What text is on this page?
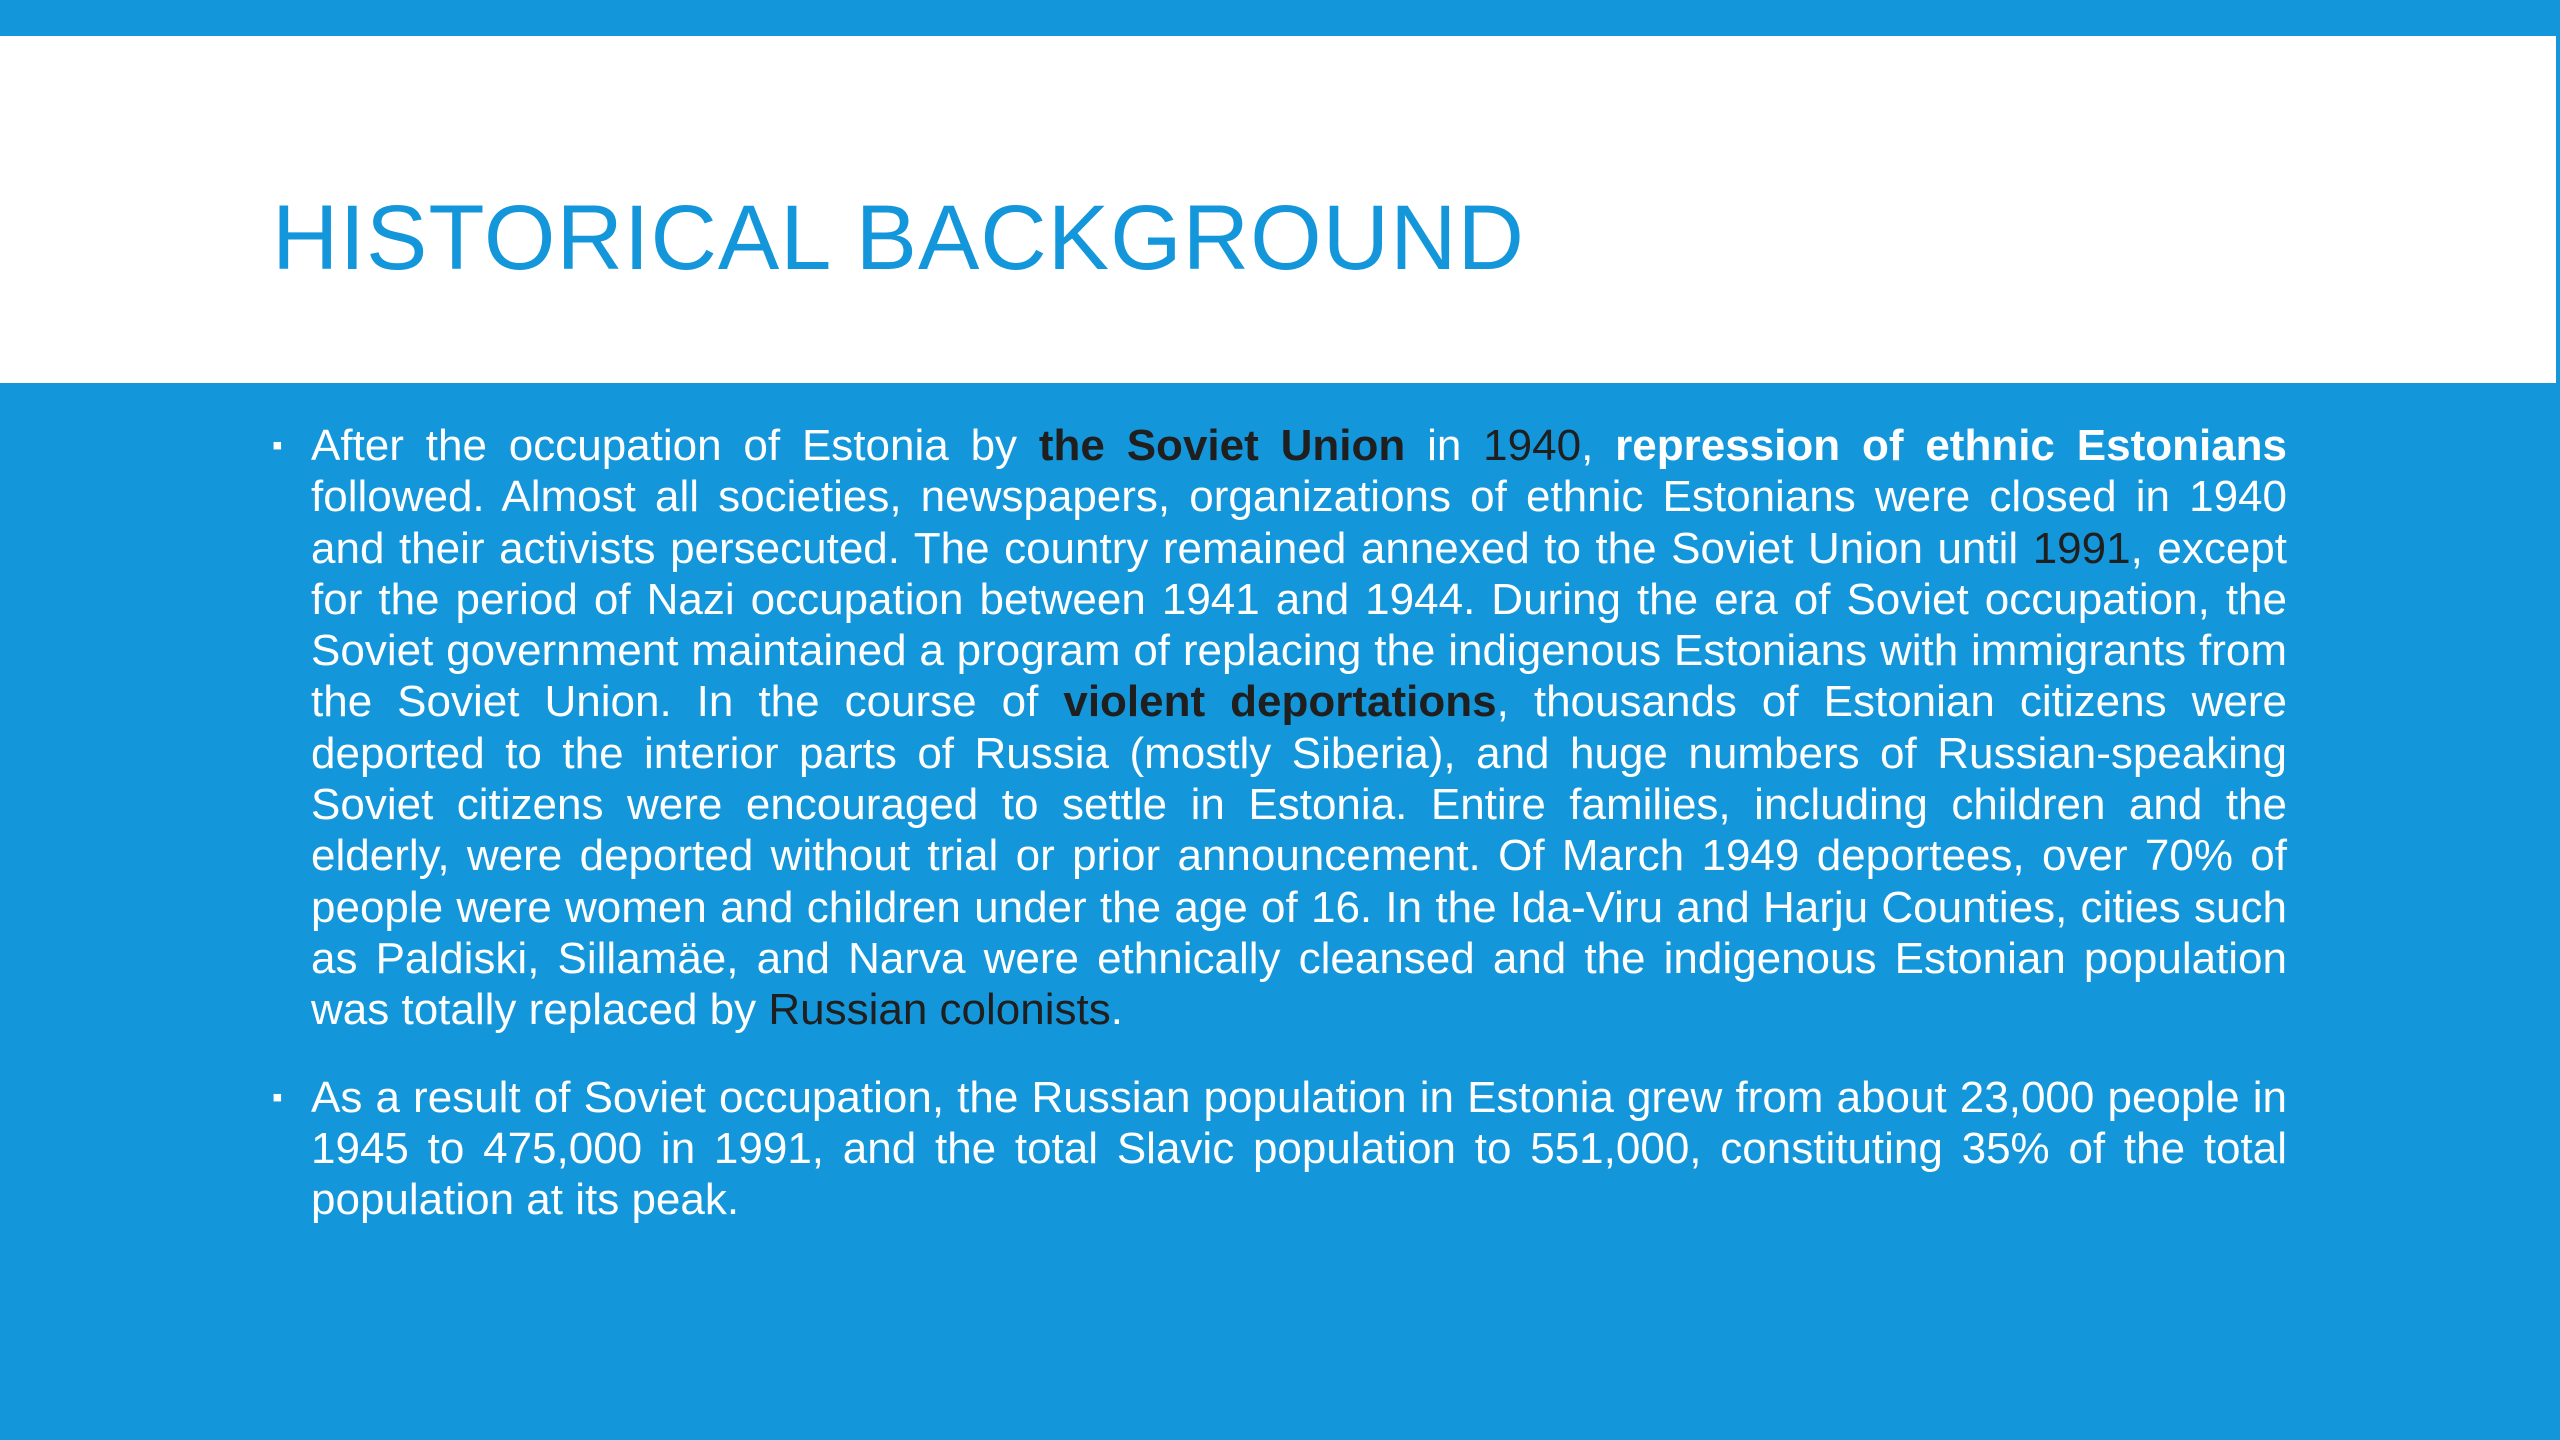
HISTORICAL BACKGROUND
▪ After the occupation of Estonia by the Soviet Union in 1940, repression of ethnic Estonians followed. Almost all societies, newspapers, organizations of ethnic Estonians were closed in 1940 and their activists persecuted. The country remained annexed to the Soviet Union until 1991, except for the period of Nazi occupation between 1941 and 1944. During the era of Soviet occupation, the Soviet government maintained a program of replacing the indigenous Estonians with immigrants from the Soviet Union. In the course of violent deportations, thousands of Estonian citizens were deported to the interior parts of Russia (mostly Siberia), and huge numbers of Russian-speaking Soviet citizens were encouraged to settle in Estonia. Entire families, including children and the elderly, were deported without trial or prior announcement. Of March 1949 deportees, over 70% of people were women and children under the age of 16. In the Ida-Viru and Harju Counties, cities such as Paldiski, Sillamäe, and Narva were ethnically cleansed and the indigenous Estonian population was totally replaced by Russian colonists.
▪ As a result of Soviet occupation, the Russian population in Estonia grew from about 23,000 people in 1945 to 475,000 in 1991, and the total Slavic population to 551,000, constituting 35% of the total population at its peak.
